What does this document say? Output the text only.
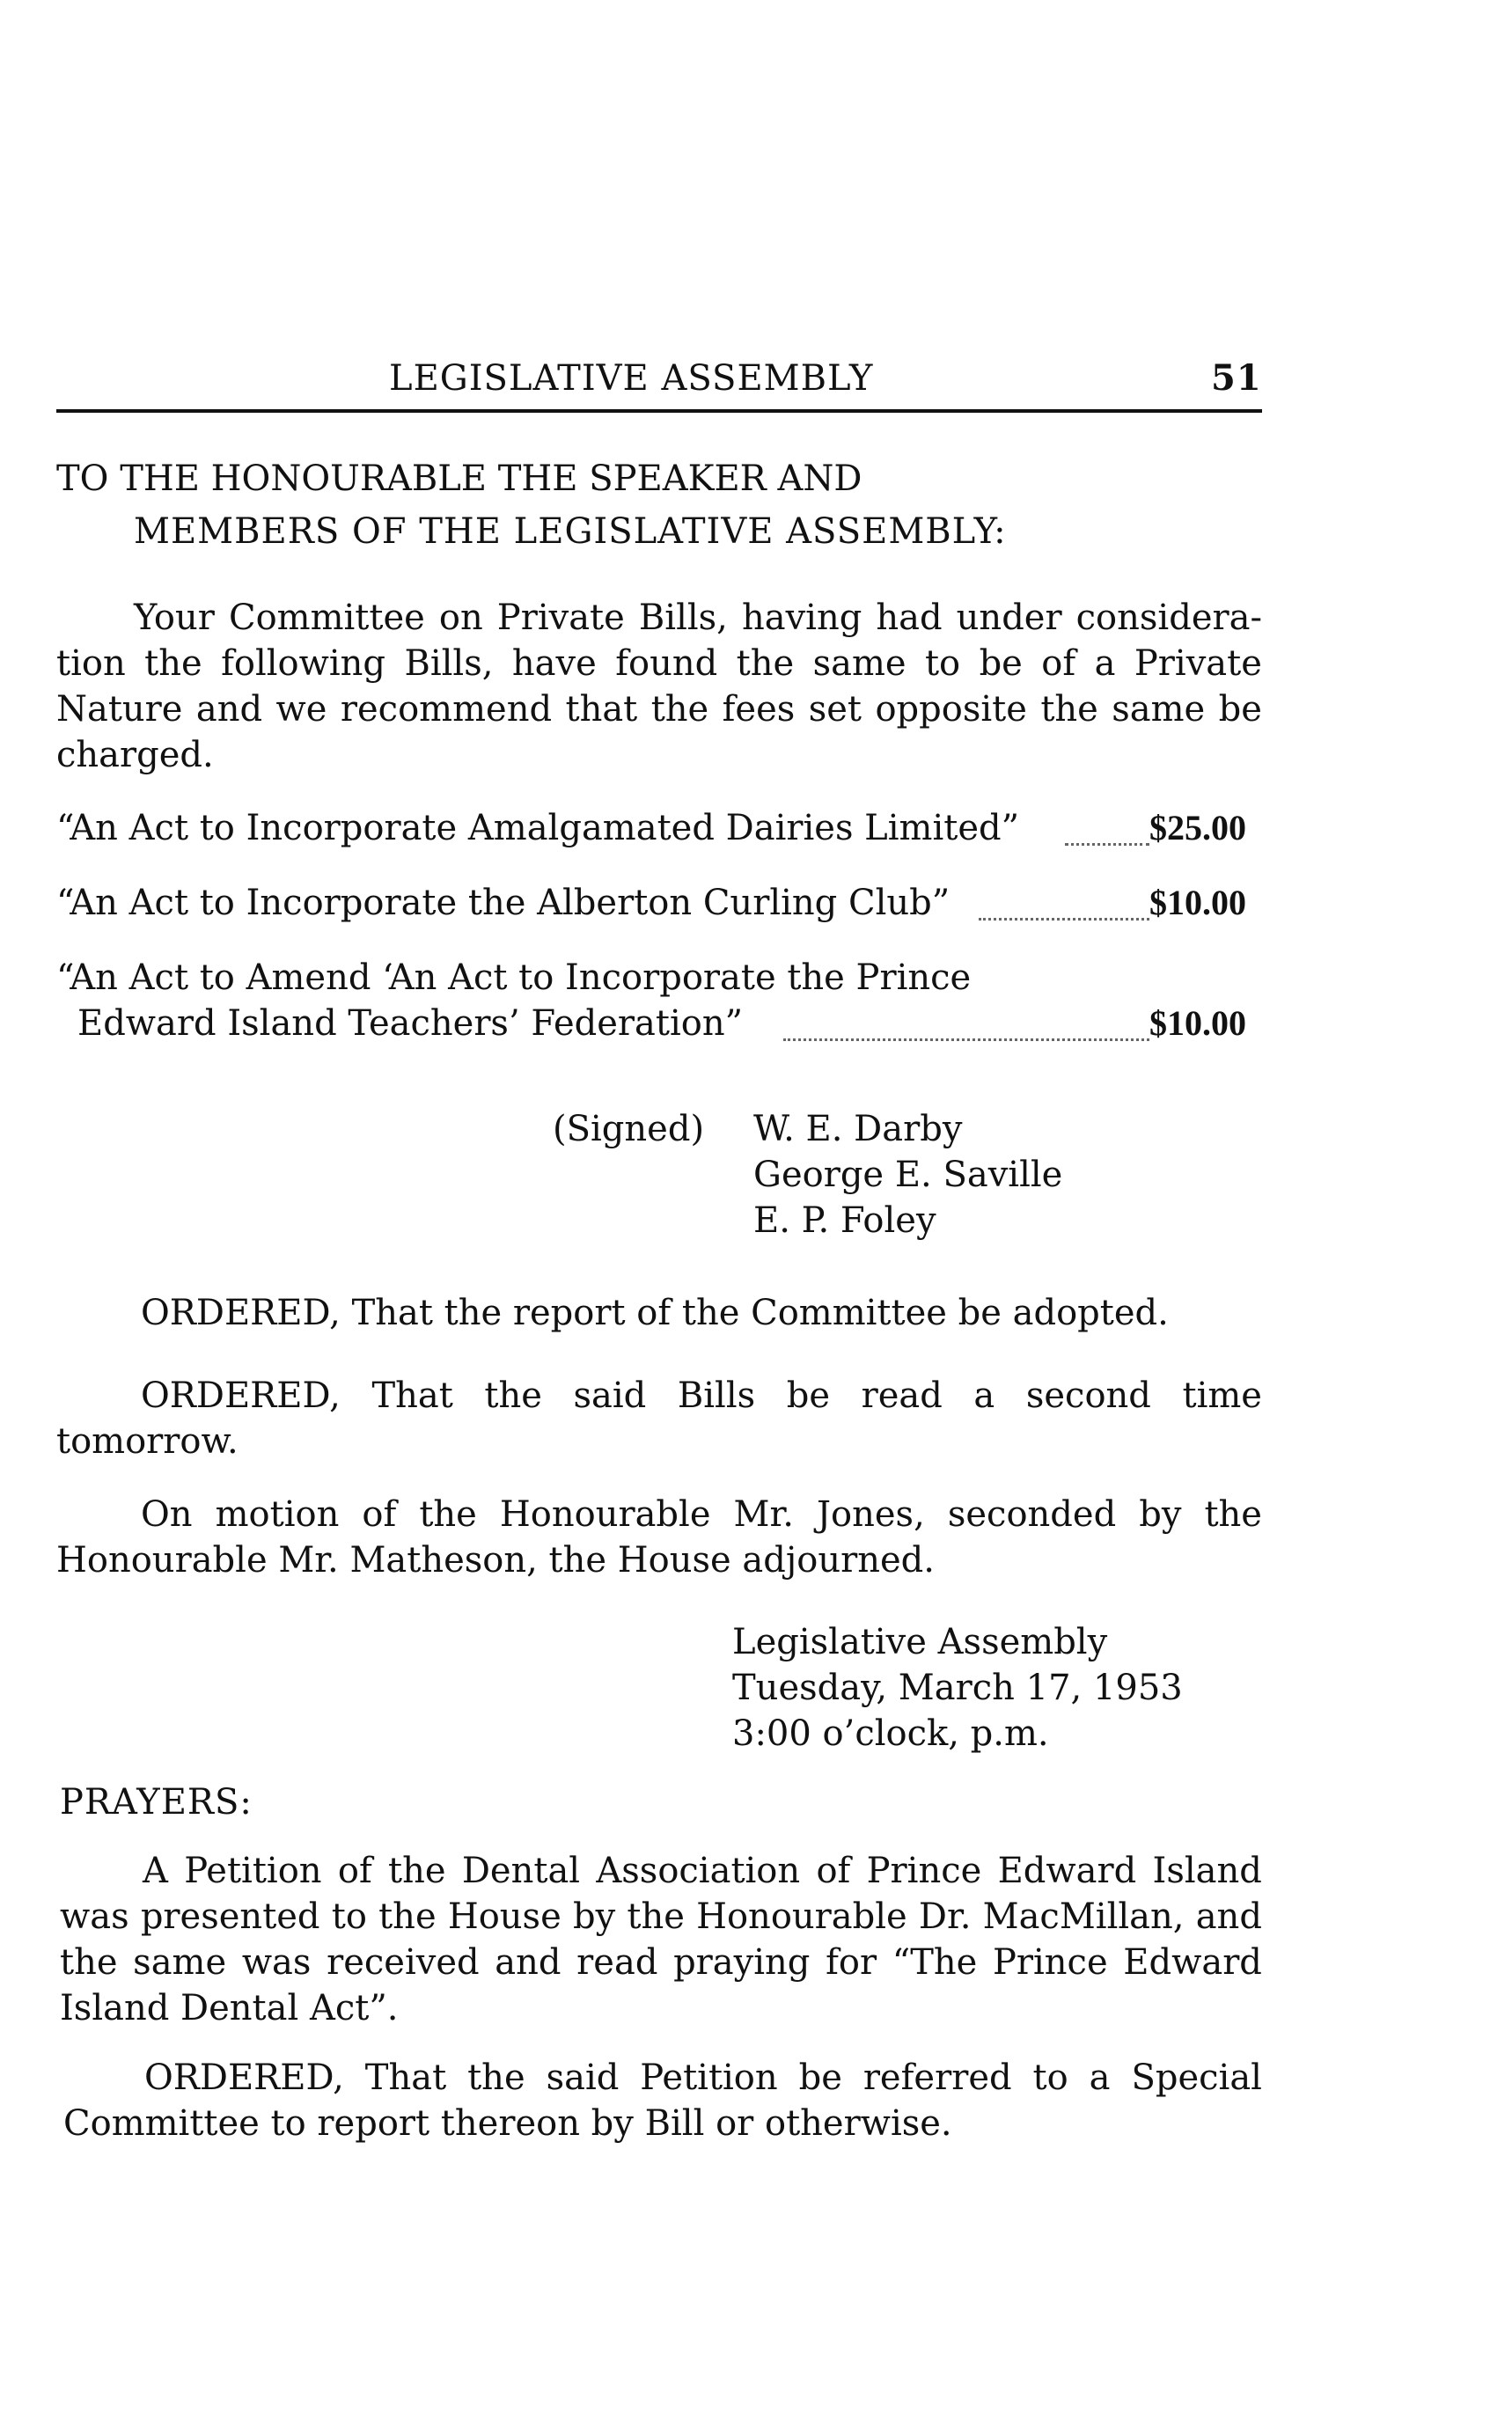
LEGISLATIVE ASSEMBLY	51
TO THE HONOURABLE THE SPEAKER AND
MEMBERS OF THE LEGISLATIVE ASSEMBLY:
Your Committee on Private Bills, having had under considera-
tion the following Bills, have found the same to be of a Private
Nature and we recommend that the fees set opposite the same be
charged.
“An Act to Incorporate Amalgamated Dairies Limited”	$25.00
“An Act to Incorporate the Alberton Curling Club”	$10.00
“An Act to Amend ‘An Act to Incorporate the Prince
Edward Island Teachers’ Federation”	$10.00
(Signed) W. E. Darby
George E. Saville
E. P. Foley
ORDERED, That the report of the Committee be adopted.
ORDERED, That the said Bills be read a second time
tomorrow.
On motion of the Honourable Mr. Jones, seconded by the
Honourable Mr. Matheson, the House adjourned.
Legislative Assembly
Tuesday, March 17, 1953
3:00 o’clock, p.m.
PRAYERS:
A Petition of the Dental Association of Prince Edward Island
was presented to the House by the Honourable Dr. MacMillan, and
the same was received and read praying for “The Prince Edward
Island Dental Act”.
ORDERED, That the said Petition be referred to a Special
Committee to report thereon by Bill or otherwise.
